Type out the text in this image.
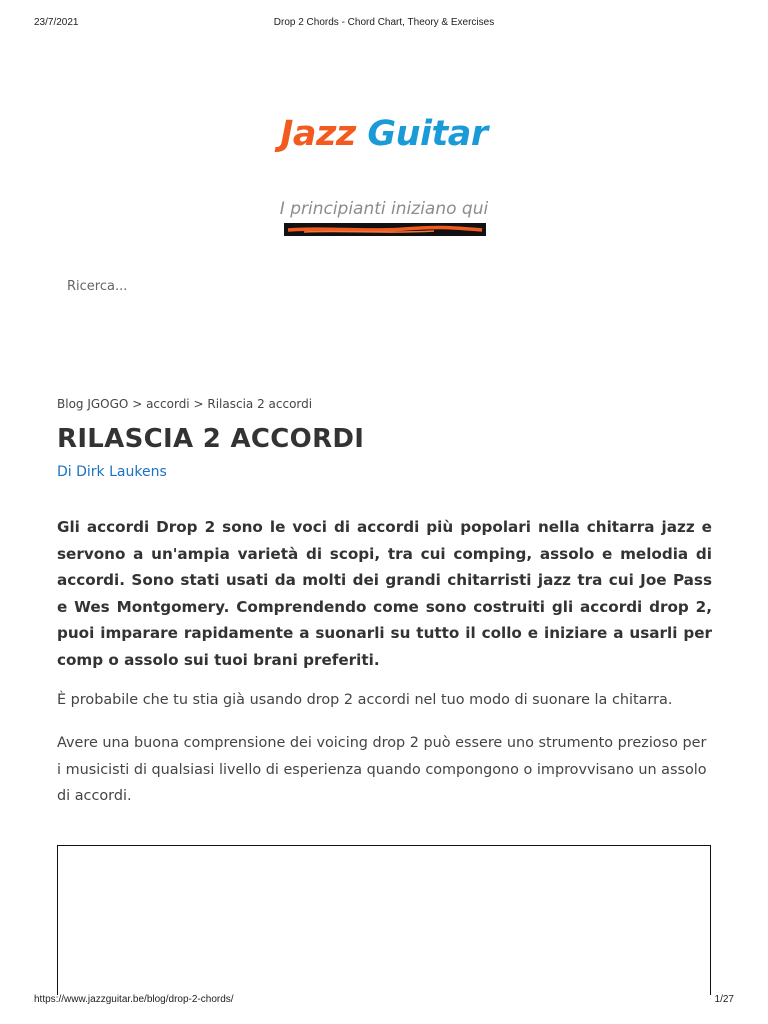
23/7/2021	Drop 2 Chords - Chord Chart, Theory & Exercises
Jazz Guitar
I principianti iniziano qui
Ricerca...
Blog JGOGO > accordi > Rilascia 2 accordi
RILASCIA 2 ACCORDI
Di Dirk Laukens

Gli accordi Drop 2 sono le voci di accordi più popolari nella chitarra jazz e servono a un'ampia varietà di scopi, tra cui comping, assolo e melodia di accordi. Sono stati usati da molti dei grandi chitarristi jazz tra cui Joe Pass e Wes Montgomery. Comprendendo come sono costruiti gli accordi drop 2, puoi imparare rapidamente a suonarli su tutto il collo e iniziare a usarli per comp o assolo sui tuoi brani preferiti.

È probabile che tu stia già usando drop 2 accordi nel tuo modo di suonare la chitarra.

Avere una buona comprensione dei voicing drop 2 può essere uno strumento prezioso per i musicisti di qualsiasi livello di esperienza quando compongono o improvvisano un assolo di accordi.

https://www.jazzguitar.be/blog/drop-2-chords/	1/27
